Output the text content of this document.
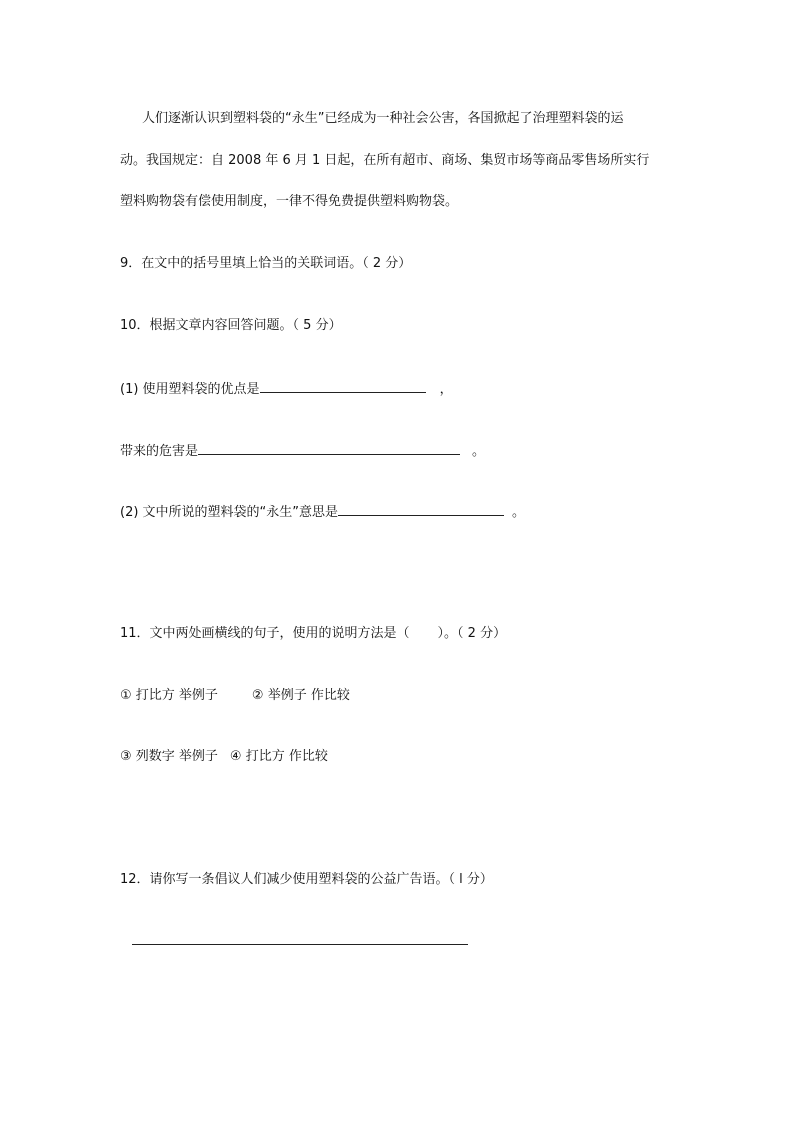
人们逐渐认识到塑料袋的“永生”已经成为一种社会公害，各国掀起了治理塑料袋的运
动。我国规定：自 2008 年 6 月 1 日起，在所有超市、商场、集贸市场等商品零售场所实行
塑料购物袋有偿使用制度，一律不得免费提供塑料购物袋。
9．在文中的括号里填上恰当的关联词语。（ 2 分）
10．根据文章内容回答问题。（ 5 分）
(1) 使用塑料袋的优点是	，
带来的危害是	。
(2) 文中所说的塑料袋的“永生”意思是	。
11．文中两处画横线的句子，使用的说明方法是（ ）。（ 2 分）
① 打比方 举例子	② 举例子 作比较
③ 列数字 举例子 ④ 打比方 作比较
12．请你写一条倡议人们减少使用塑料袋的公益广告语。（ l 分）
